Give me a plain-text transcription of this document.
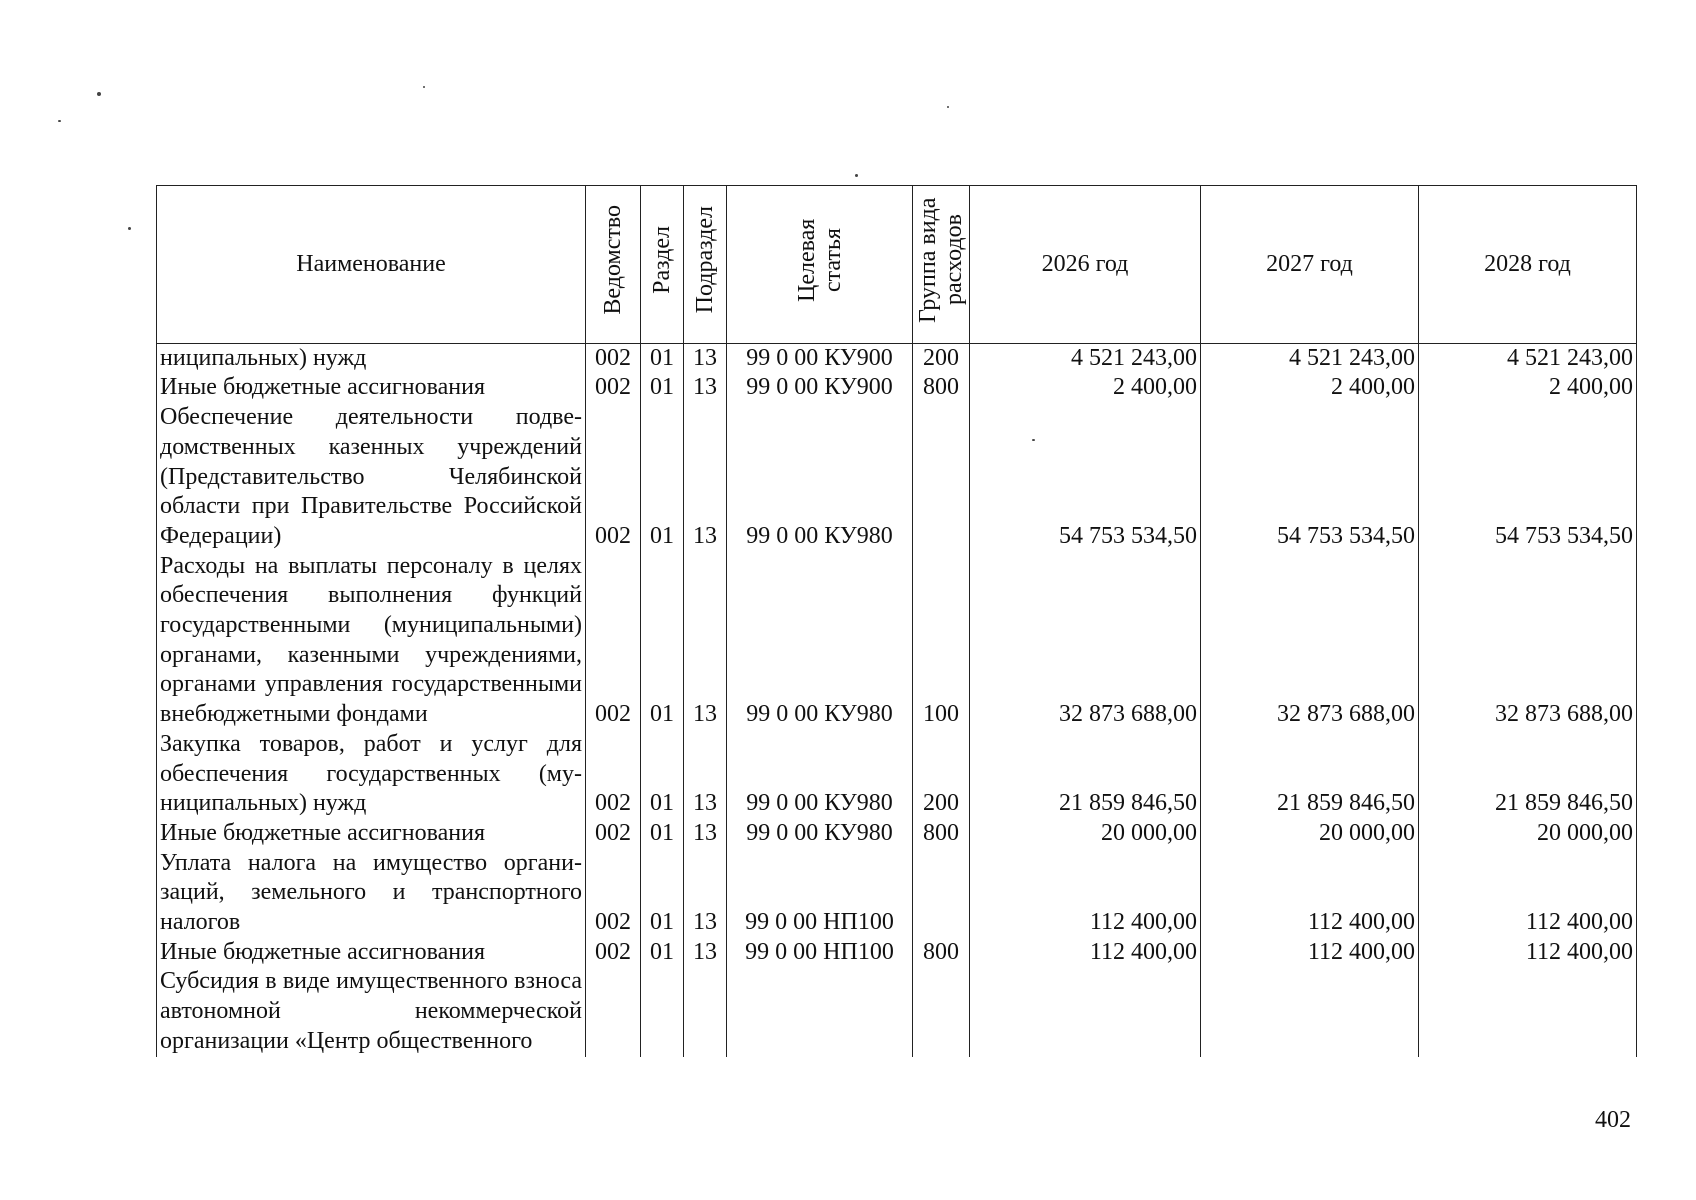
Наименование	Ведомство	Раздел	Подраздел	Целевая статья	Группа вида расходов	2026 год	2027 год	2028 год
ниципальных) нужд	002	01	13	99 0 00 КУ900	200	4 521 243,00	4 521 243,00	4 521 243,00
Иные бюджетные ассигнования	002	01	13	99 0 00 КУ900	800	2 400,00	2 400,00	2 400,00
Обеспечение деятельности подведомственных казенных учреждений (Представительство Челябинской области при Правительстве Российской Федерации)	002	01	13	99 0 00 КУ980		54 753 534,50	54 753 534,50	54 753 534,50
Расходы на выплаты персоналу в целях обеспечения выполнения функций государственными (муниципальными) органами, казенными учреждениями, органами управления государственными внебюджетными фондами	002	01	13	99 0 00 КУ980	100	32 873 688,00	32 873 688,00	32 873 688,00
Закупка товаров, работ и услуг для обеспечения государственных (муниципальных) нужд	002	01	13	99 0 00 КУ980	200	21 859 846,50	21 859 846,50	21 859 846,50
Иные бюджетные ассигнования	002	01	13	99 0 00 КУ980	800	20 000,00	20 000,00	20 000,00
Уплата налога на имущество организаций, земельного и транспортного налогов	002	01	13	99 0 00 НП100		112 400,00	112 400,00	112 400,00
Иные бюджетные ассигнования	002	01	13	99 0 00 НП100	800	112 400,00	112 400,00	112 400,00
Субсидия в виде имущественного взноса автономной некоммерческой организации «Центр общественного								
402
